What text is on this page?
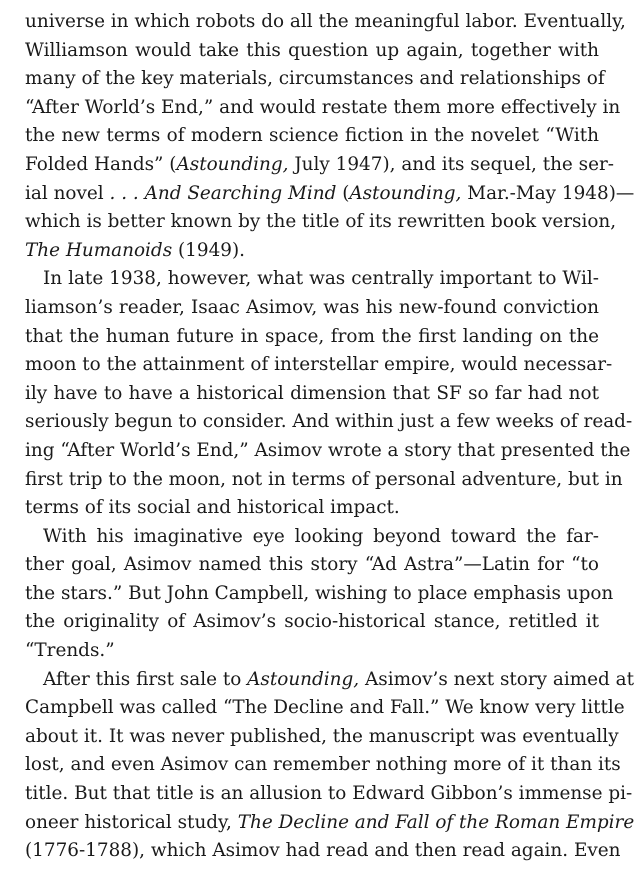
universe in which robots do all the meaningful labor. Eventually,
Williamson would take this question up again, together with
many of the key materials, circumstances and relationships of
“After World’s End,” and would restate them more effectively in
the new terms of modern science fiction in the novelet “With
Folded Hands” (Astounding, July 1947), and its sequel, the ser-
ial novel . . . And Searching Mind (Astounding, Mar.-May 1948)—
which is better known by the title of its rewritten book version,
The Humanoids (1949).
In late 1938, however, what was centrally important to Wil-
liamson’s reader, Isaac Asimov, was his new-found conviction
that the human future in space, from the first landing on the
moon to the attainment of interstellar empire, would necessar-
ily have to have a historical dimension that SF so far had not
seriously begun to consider. And within just a few weeks of read-
ing “After World’s End,” Asimov wrote a story that presented the
first trip to the moon, not in terms of personal adventure, but in
terms of its social and historical impact.
With his imaginative eye looking beyond toward the far-
ther goal, Asimov named this story “Ad Astra”—Latin for “to
the stars.” But John Campbell, wishing to place emphasis upon
the originality of Asimov’s socio-historical stance, retitled it
“Trends.”
After this first sale to Astounding, Asimov’s next story aimed at
Campbell was called “The Decline and Fall.” We know very little
about it. It was never published, the manuscript was eventually
lost, and even Asimov can remember nothing more of it than its
title. But that title is an allusion to Edward Gibbon’s immense pi-
oneer historical study, The Decline and Fall of the Roman Empire
(1776-1788), which Asimov had read and then read again. Even
